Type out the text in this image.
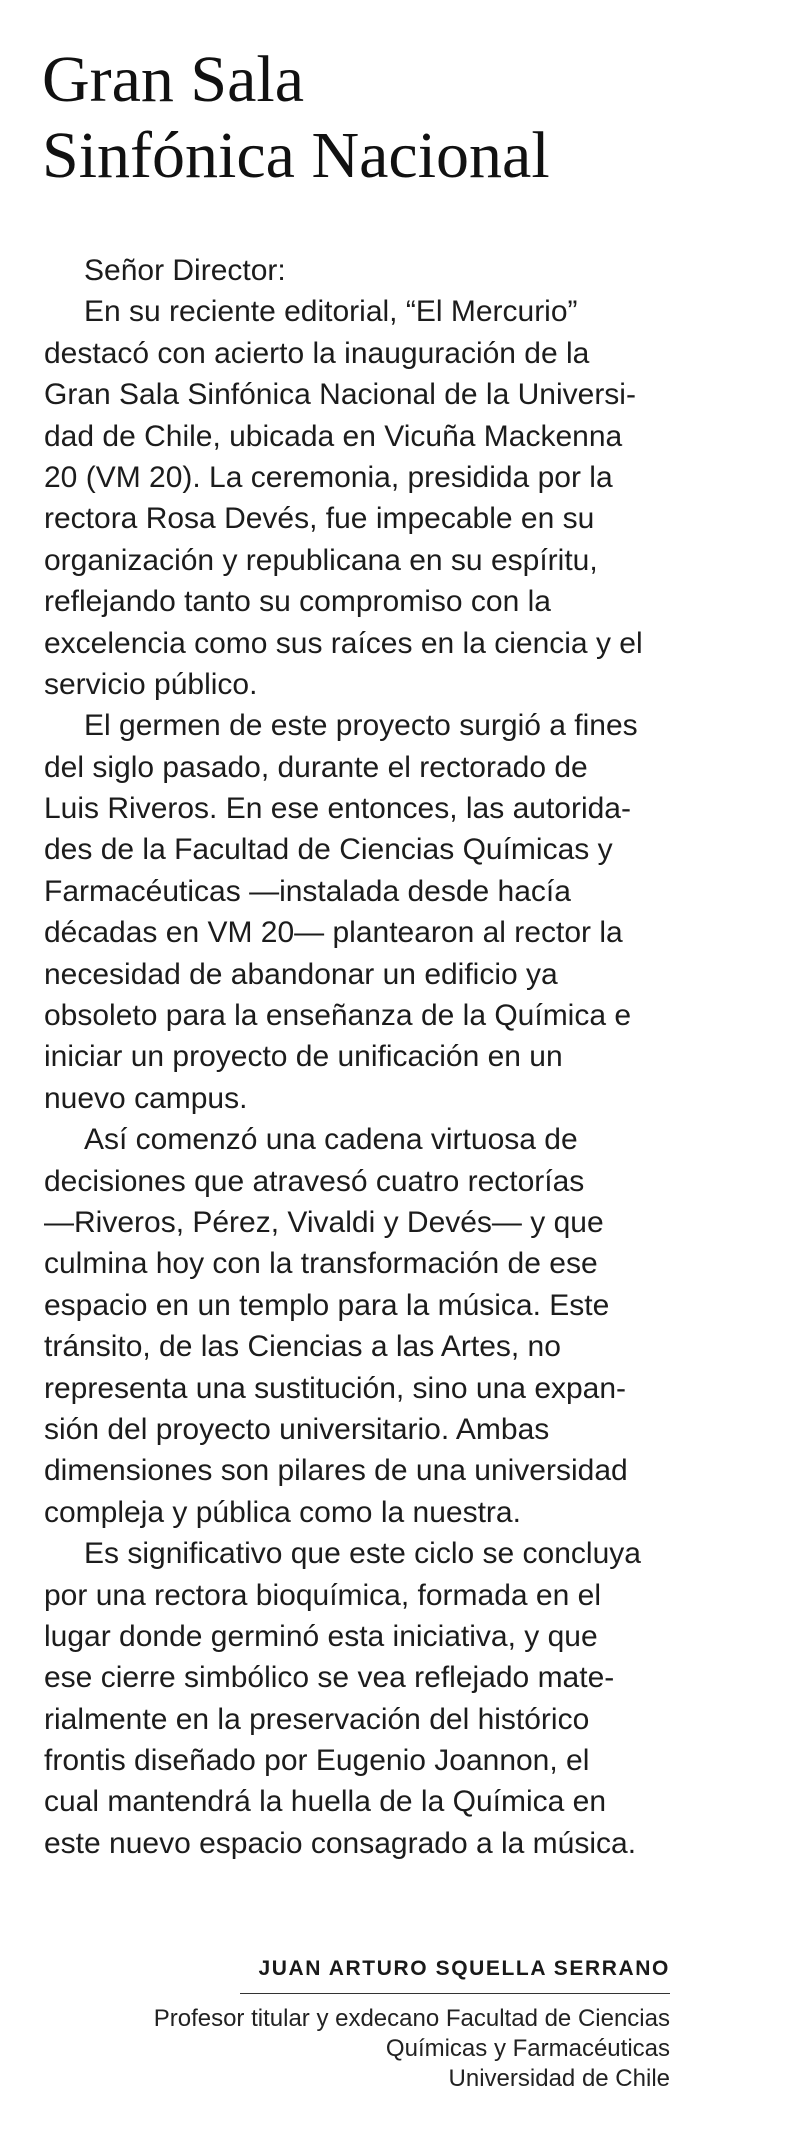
Gran Sala
Sinfónica Nacional
Señor Director:
En su reciente editorial, “El Mercurio”
destacó con acierto la inauguración de la
Gran Sala Sinfónica Nacional de la Universi-
dad de Chile, ubicada en Vicuña Mackenna
20 (VM 20). La ceremonia, presidida por la
rectora Rosa Devés, fue impecable en su
organización y republicana en su espíritu,
reflejando tanto su compromiso con la
excelencia como sus raíces en la ciencia y el
servicio público.
El germen de este proyecto surgió a fines
del siglo pasado, durante el rectorado de
Luis Riveros. En ese entonces, las autorida-
des de la Facultad de Ciencias Químicas y
Farmacéuticas —instalada desde hacía
décadas en VM 20— plantearon al rector la
necesidad de abandonar un edificio ya
obsoleto para la enseñanza de la Química e
iniciar un proyecto de unificación en un
nuevo campus.
Así comenzó una cadena virtuosa de
decisiones que atravesó cuatro rectorías
—Riveros, Pérez, Vivaldi y Devés— y que
culmina hoy con la transformación de ese
espacio en un templo para la música. Este
tránsito, de las Ciencias a las Artes, no
representa una sustitución, sino una expan-
sión del proyecto universitario. Ambas
dimensiones son pilares de una universidad
compleja y pública como la nuestra.
Es significativo que este ciclo se concluya
por una rectora bioquímica, formada en el
lugar donde germinó esta iniciativa, y que
ese cierre simbólico se vea reflejado mate-
rialmente en la preservación del histórico
frontis diseñado por Eugenio Joannon, el
cual mantendrá la huella de la Química en
este nuevo espacio consagrado a la música.
JUAN ARTURO SQUELLA SERRANO
Profesor titular y exdecano Facultad de Ciencias
Químicas y Farmacéuticas
Universidad de Chile
